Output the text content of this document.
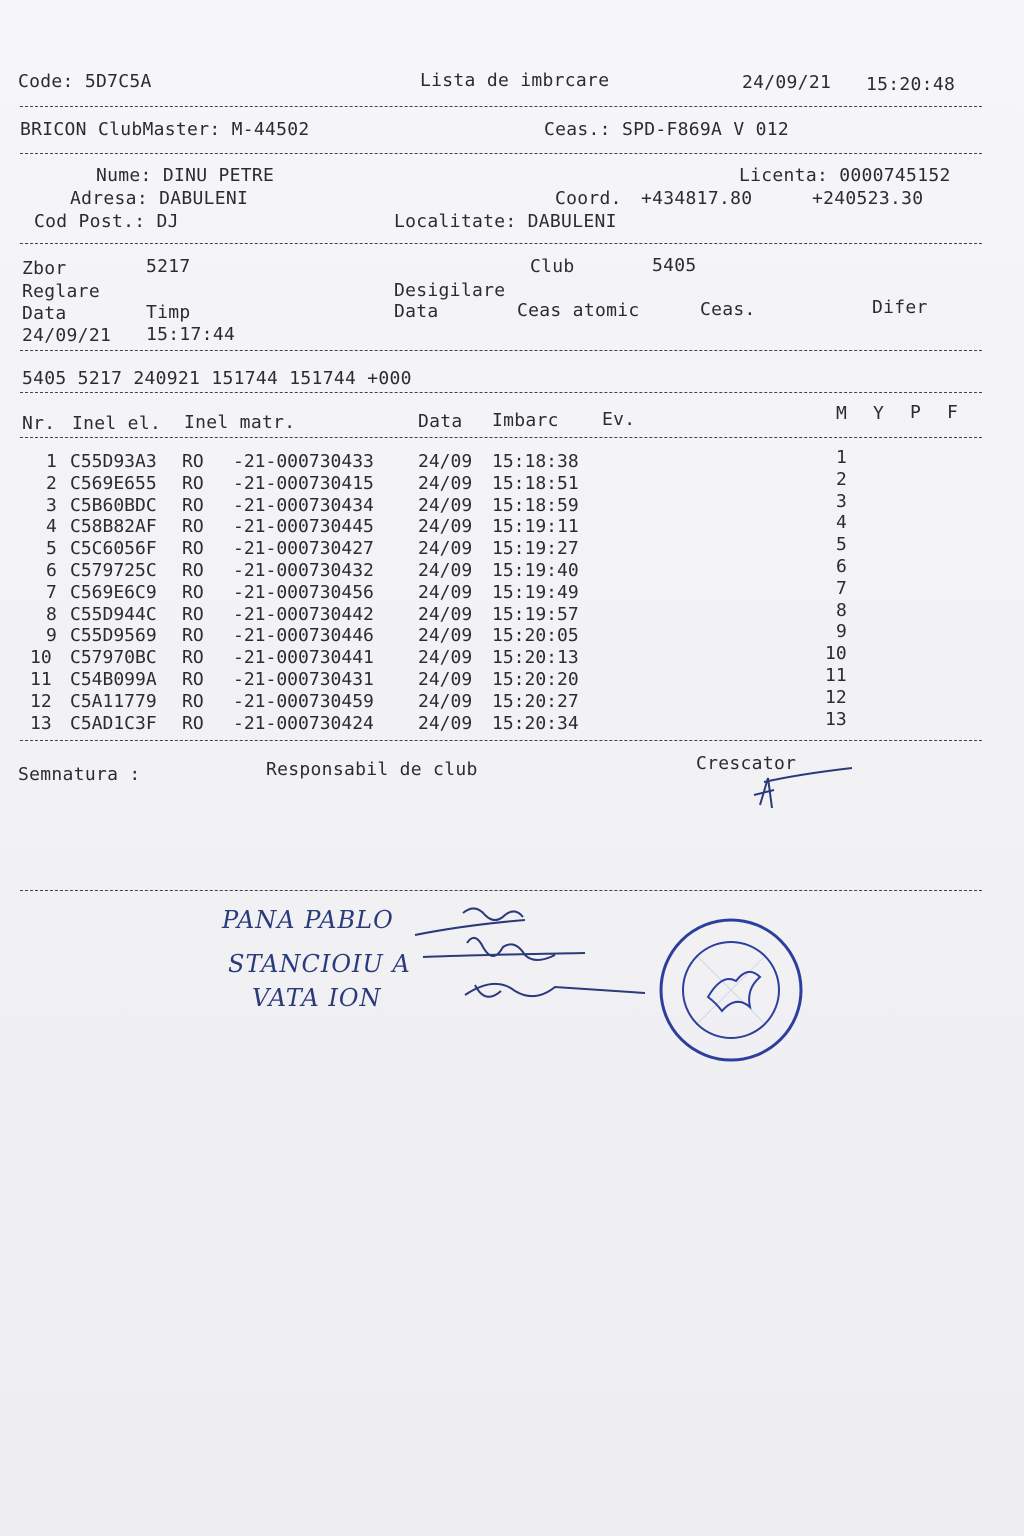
Code: 5D7C5A	Lista de imbrcare	24/09/21 15:20:48
BRICON ClubMaster: M-44502	Ceas.: SPD-F869A V 012
Nume: DINU PETRE	Licenta: 0000745152
Adresa: DABULENI	Coord. +434817.80	+240523.30
Cod Post.: DJ	Localitate: DABULENI
Zbor	5217	Club	5405
Reglare	Desigilare
Data	Timp	Data	Ceas atomic	Ceas.	Difer
24/09/21 15:17:44
5405 5217 240921 151744 151744 +000
Nr. Inel el. Inel matr.	Data Imbarc Ev.	M Y P F
1 C55D93A3 RO -21-000730433 24/09 15:18:38	1
2 C569E655 RO -21-000730415 24/09 15:18:51	2
3 C5B60BDC RO -21-000730434 24/09 15:18:59	3
4 C58B82AF RO -21-000730445 24/09 15:19:11	4
5 C5C6056F RO -21-000730427 24/09 15:19:27	5
6 C579725C RO -21-000730432 24/09 15:19:40	6
7 C569E6C9 RO -21-000730456 24/09 15:19:49	7
8 C55D944C RO -21-000730442 24/09 15:19:57	8
9 C55D9569 RO -21-000730446 24/09 15:20:05	9
10 C57970BC RO -21-000730441 24/09 15:20:13	10
11 C54B099A RO -21-000730431 24/09 15:20:20	11
12 C5A11779 RO -21-000730459 24/09 15:20:27	12
13 C5AD1C3F RO -21-000730424 24/09 15:20:34	13
Semnatura :	Responsabil de club	Crescator
PANA PABLO
STANCIOIU A
VATA ION
